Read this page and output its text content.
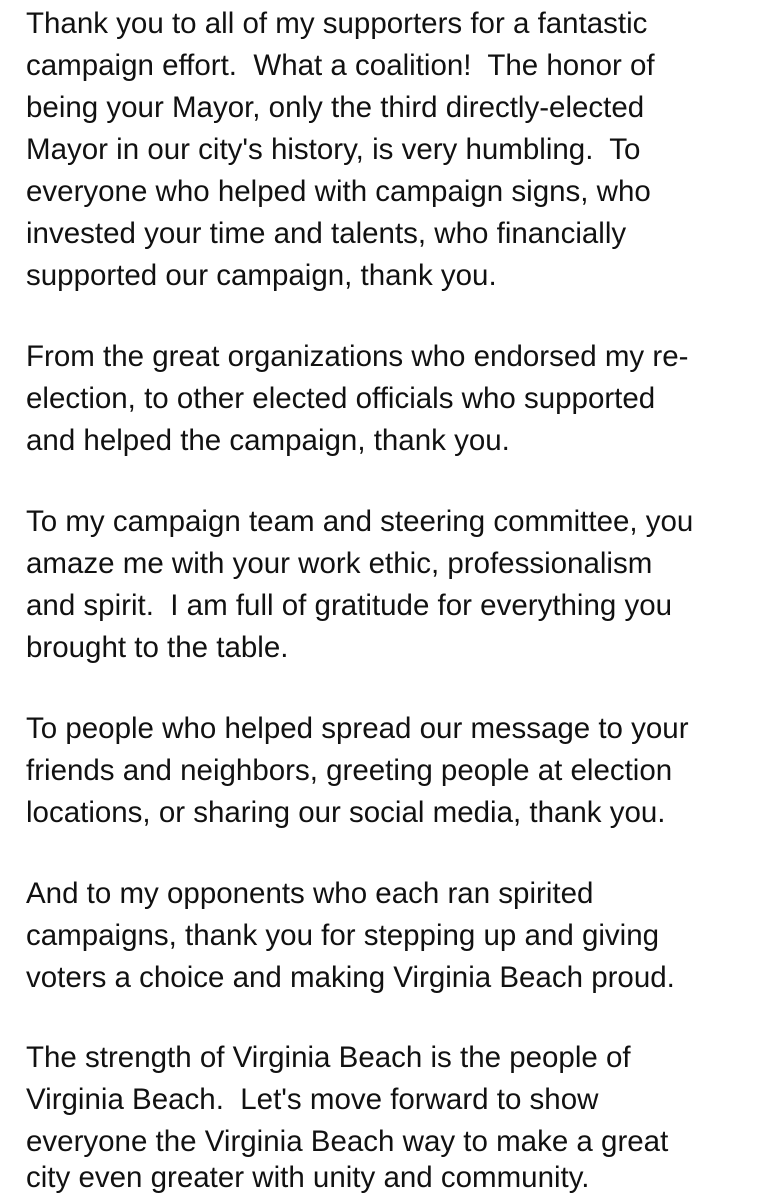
Thank you to all of my supporters for a fantastic
campaign effort.  What a coalition!  The honor of
being your Mayor, only the third directly-elected
Mayor in our city's history, is very humbling.  To
everyone who helped with campaign signs, who
invested your time and talents, who financially
supported our campaign, thank you.
From the great organizations who endorsed my re-
election, to other elected officials who supported
and helped the campaign, thank you.
To my campaign team and steering committee, you
amaze me with your work ethic, professionalism
and spirit.  I am full of gratitude for everything you
brought to the table.
To people who helped spread our message to your
friends and neighbors, greeting people at election
locations, or sharing our social media, thank you.
And to my opponents who each ran spirited
campaigns, thank you for stepping up and giving
voters a choice and making Virginia Beach proud.
The strength of Virginia Beach is the people of
Virginia Beach.  Let's move forward to show
everyone the Virginia Beach way to make a great
city even greater with unity and community.
